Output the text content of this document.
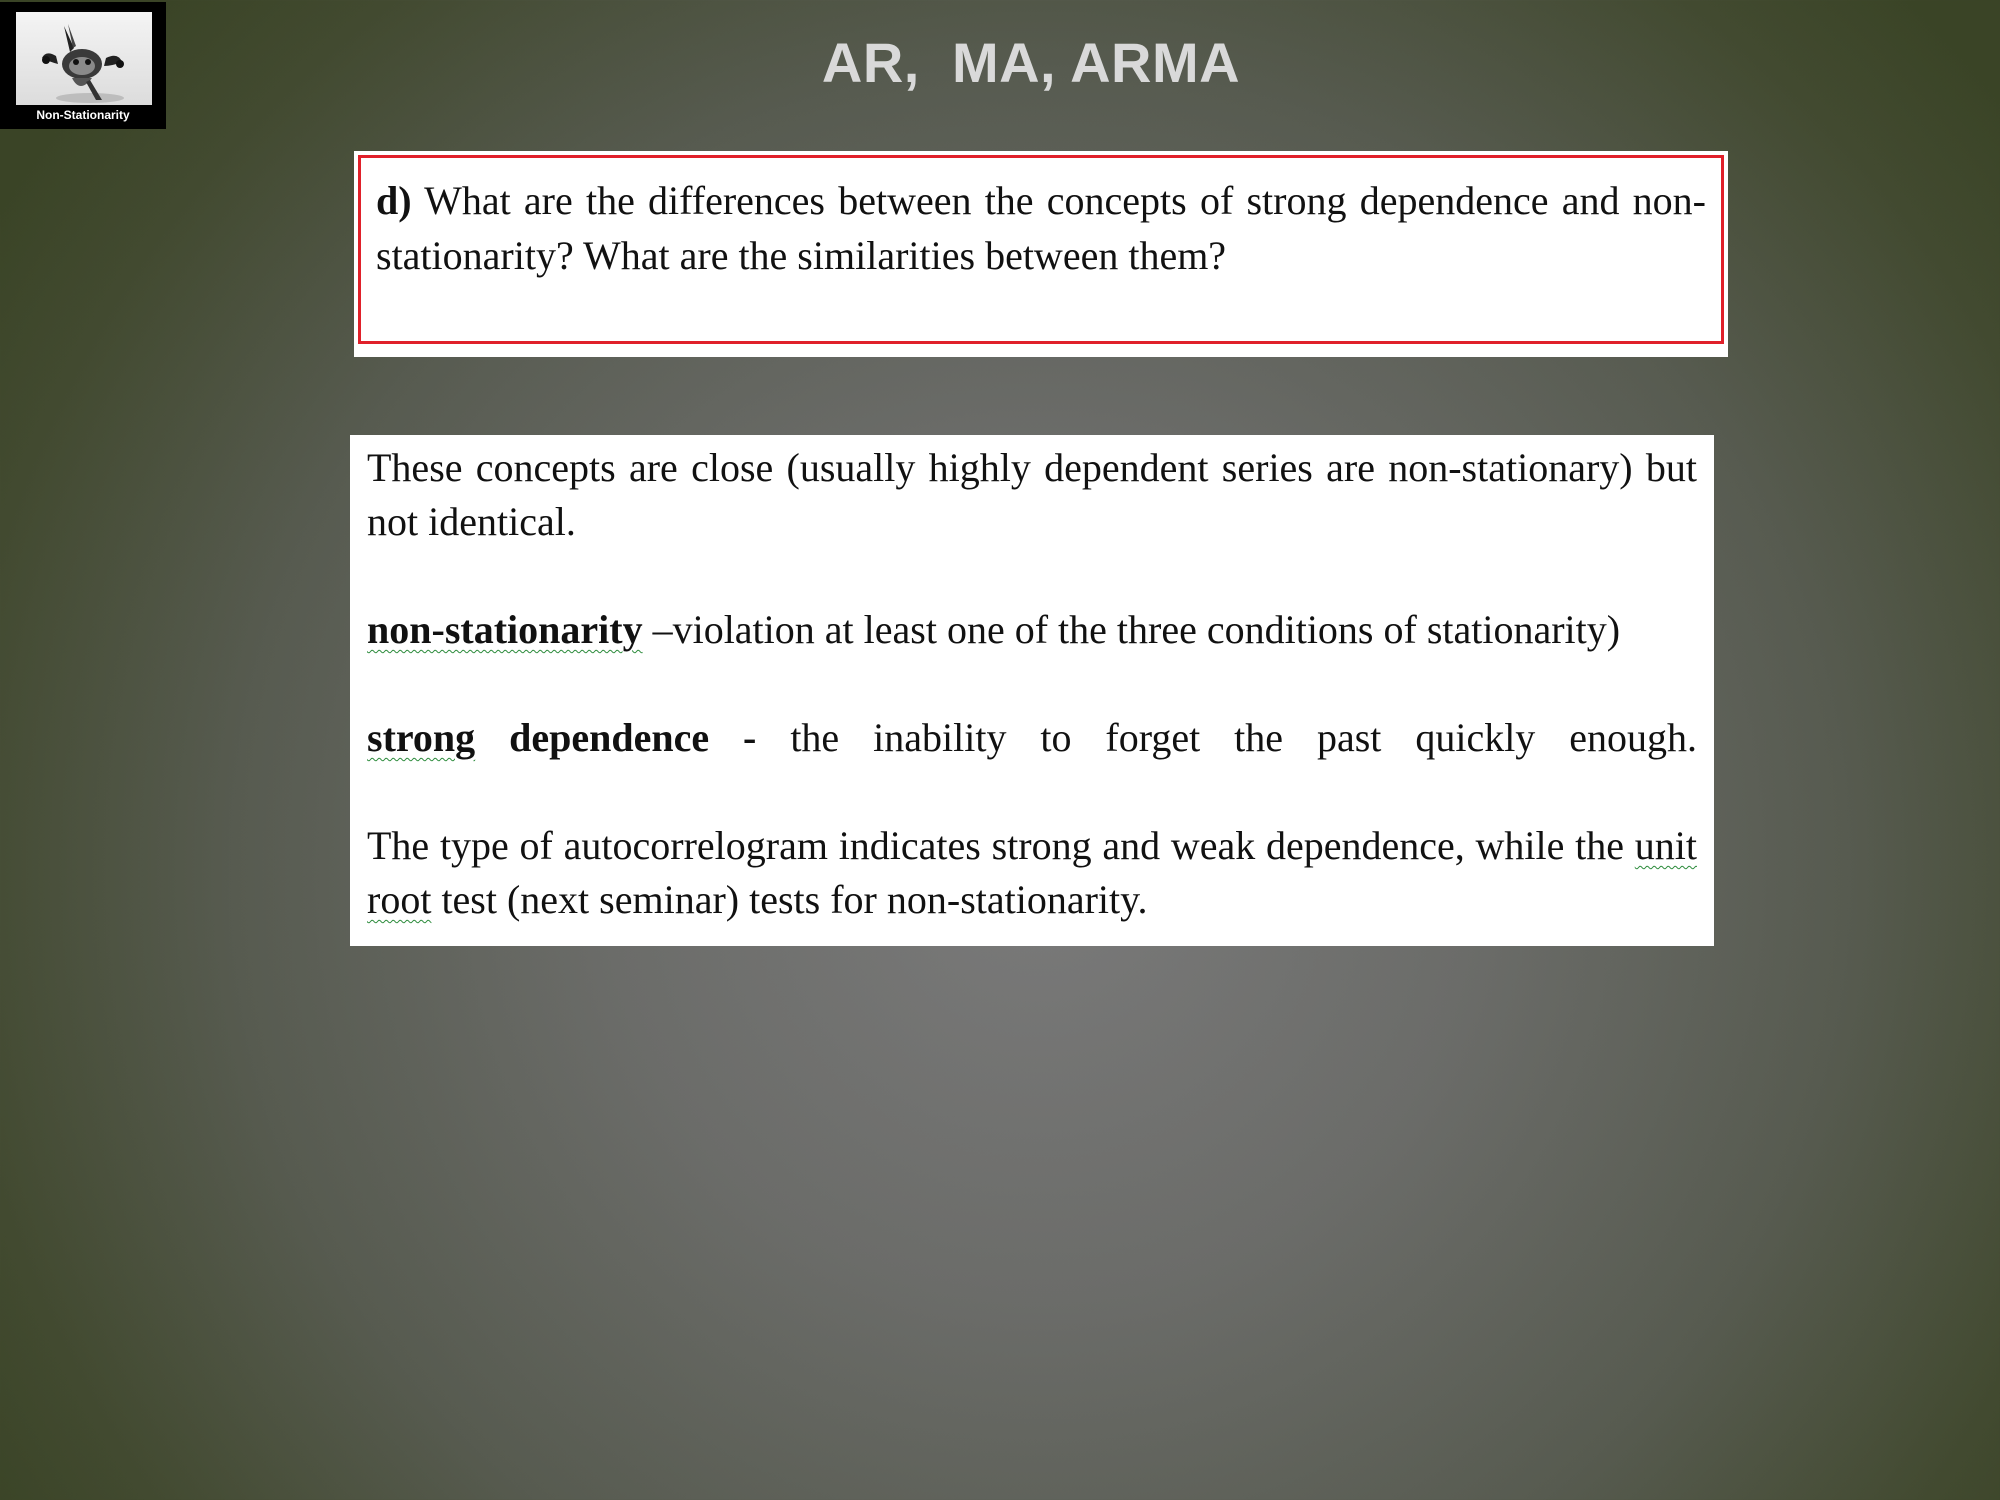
Non-Stationarity
AR,  MA, ARMA
d) What are the differences between the concepts of strong dependence and non-stationarity? What are the similarities between them?
These concepts are close (usually highly dependent series are non-stationary) but not identical.
non-stationarity –violation at least one of the three conditions of stationarity)
strong dependence - the inability to forget the past quickly enough.
The type of autocorrelogram indicates strong and weak dependence, while the unit root test (next seminar) tests for non-stationarity.
